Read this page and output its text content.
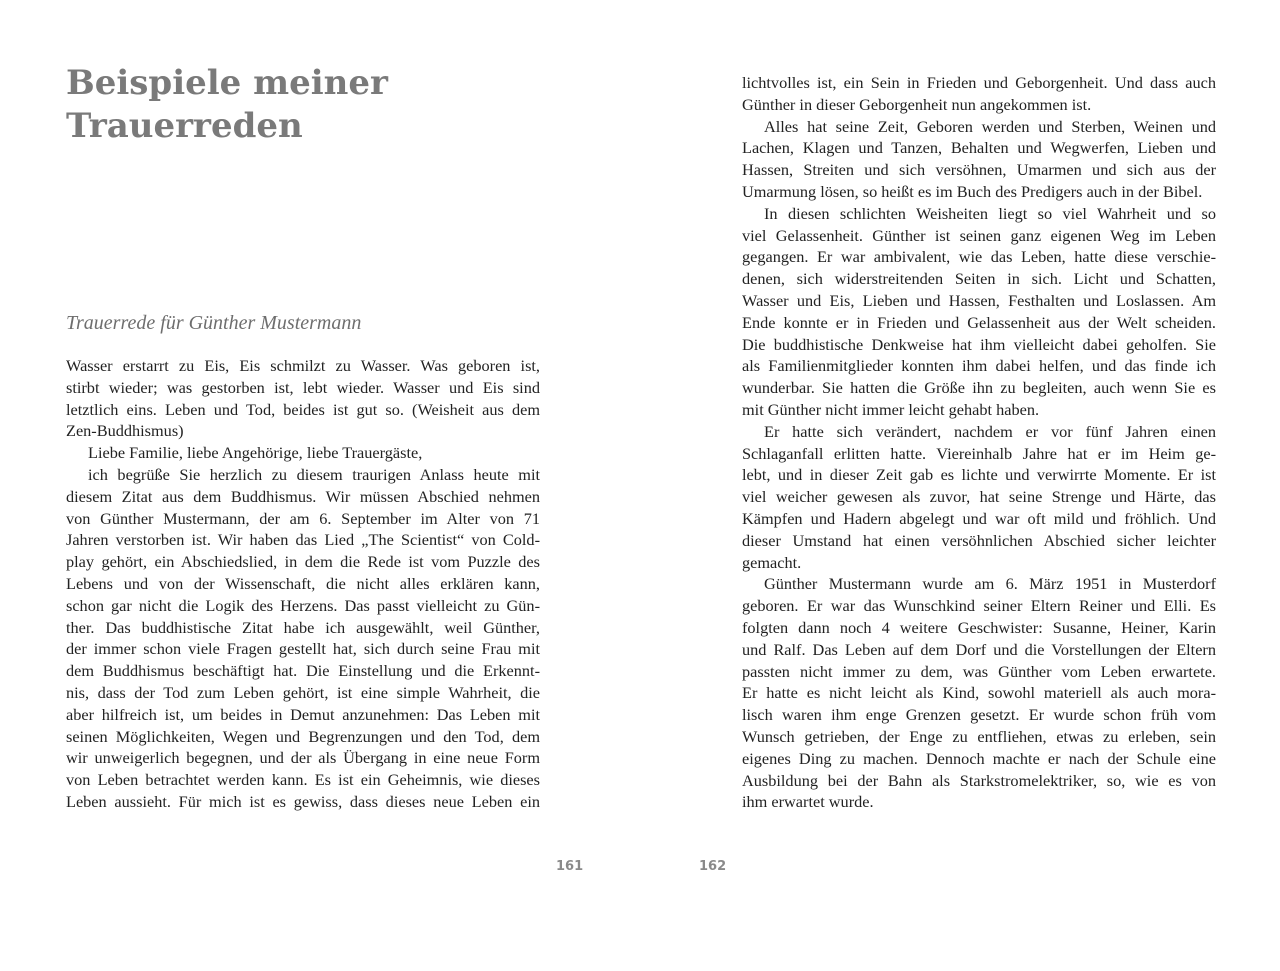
Beispiele meiner
Trauerreden
Trauerrede für Günther Mustermann
Wasser erstarrt zu Eis, Eis schmilzt zu Wasser. Was geboren ist,
stirbt wieder; was gestorben ist, lebt wieder. Wasser und Eis sind
letztlich eins. Leben und Tod, beides ist gut so. (Weisheit aus dem
Zen-Buddhismus)
Liebe Familie, liebe Angehörige, liebe Trauergäste,
ich begrüße Sie herzlich zu diesem traurigen Anlass heute mit
diesem Zitat aus dem Buddhismus. Wir müssen Abschied nehmen
von Günther Mustermann, der am 6. September im Alter von 71
Jahren verstorben ist. Wir haben das Lied „The Scientist“ von Cold-
play gehört, ein Abschiedslied, in dem die Rede ist vom Puzzle des
Lebens und von der Wissenschaft, die nicht alles erklären kann,
schon gar nicht die Logik des Herzens. Das passt vielleicht zu Gün-
ther. Das buddhistische Zitat habe ich ausgewählt, weil Günther,
der immer schon viele Fragen gestellt hat, sich durch seine Frau mit
dem Buddhismus beschäftigt hat. Die Einstellung und die Erkennt-
nis, dass der Tod zum Leben gehört, ist eine simple Wahrheit, die
aber hilfreich ist, um beides in Demut anzunehmen: Das Leben mit
seinen Möglichkeiten, Wegen und Begrenzungen und den Tod, dem
wir unweigerlich begegnen, und der als Übergang in eine neue Form
von Leben betrachtet werden kann. Es ist ein Geheimnis, wie dieses
Leben aussieht. Für mich ist es gewiss, dass dieses neue Leben ein
161
lichtvolles ist, ein Sein in Frieden und Geborgenheit. Und dass auch
Günther in dieser Geborgenheit nun angekommen ist.
Alles hat seine Zeit, Geboren werden und Sterben, Weinen und
Lachen, Klagen und Tanzen, Behalten und Wegwerfen, Lieben und
Hassen, Streiten und sich versöhnen, Umarmen und sich aus der
Umarmung lösen, so heißt es im Buch des Predigers auch in der Bibel.
In diesen schlichten Weisheiten liegt so viel Wahrheit und so
viel Gelassenheit. Günther ist seinen ganz eigenen Weg im Leben
gegangen. Er war ambivalent, wie das Leben, hatte diese verschie-
denen, sich widerstreitenden Seiten in sich. Licht und Schatten,
Wasser und Eis, Lieben und Hassen, Festhalten und Loslassen. Am
Ende konnte er in Frieden und Gelassenheit aus der Welt scheiden.
Die buddhistische Denkweise hat ihm vielleicht dabei geholfen. Sie
als Familienmitglieder konnten ihm dabei helfen, und das finde ich
wunderbar. Sie hatten die Größe ihn zu begleiten, auch wenn Sie es
mit Günther nicht immer leicht gehabt haben.
Er hatte sich verändert, nachdem er vor fünf Jahren einen
Schlaganfall erlitten hatte. Viereinhalb Jahre hat er im Heim ge-
lebt, und in dieser Zeit gab es lichte und verwirrte Momente. Er ist
viel weicher gewesen als zuvor, hat seine Strenge und Härte, das
Kämpfen und Hadern abgelegt und war oft mild und fröhlich. Und
dieser Umstand hat einen versöhnlichen Abschied sicher leichter
gemacht.
Günther Mustermann wurde am 6. März 1951 in Musterdorf
geboren. Er war das Wunschkind seiner Eltern Reiner und Elli. Es
folgten dann noch 4 weitere Geschwister: Susanne, Heiner, Karin
und Ralf. Das Leben auf dem Dorf und die Vorstellungen der Eltern
passten nicht immer zu dem, was Günther vom Leben erwartete.
Er hatte es nicht leicht als Kind, sowohl materiell als auch mora-
lisch waren ihm enge Grenzen gesetzt. Er wurde schon früh vom
Wunsch getrieben, der Enge zu entfliehen, etwas zu erleben, sein
eigenes Ding zu machen. Dennoch machte er nach der Schule eine
Ausbildung bei der Bahn als Starkstromelektriker, so, wie es von
ihm erwartet wurde.
162
